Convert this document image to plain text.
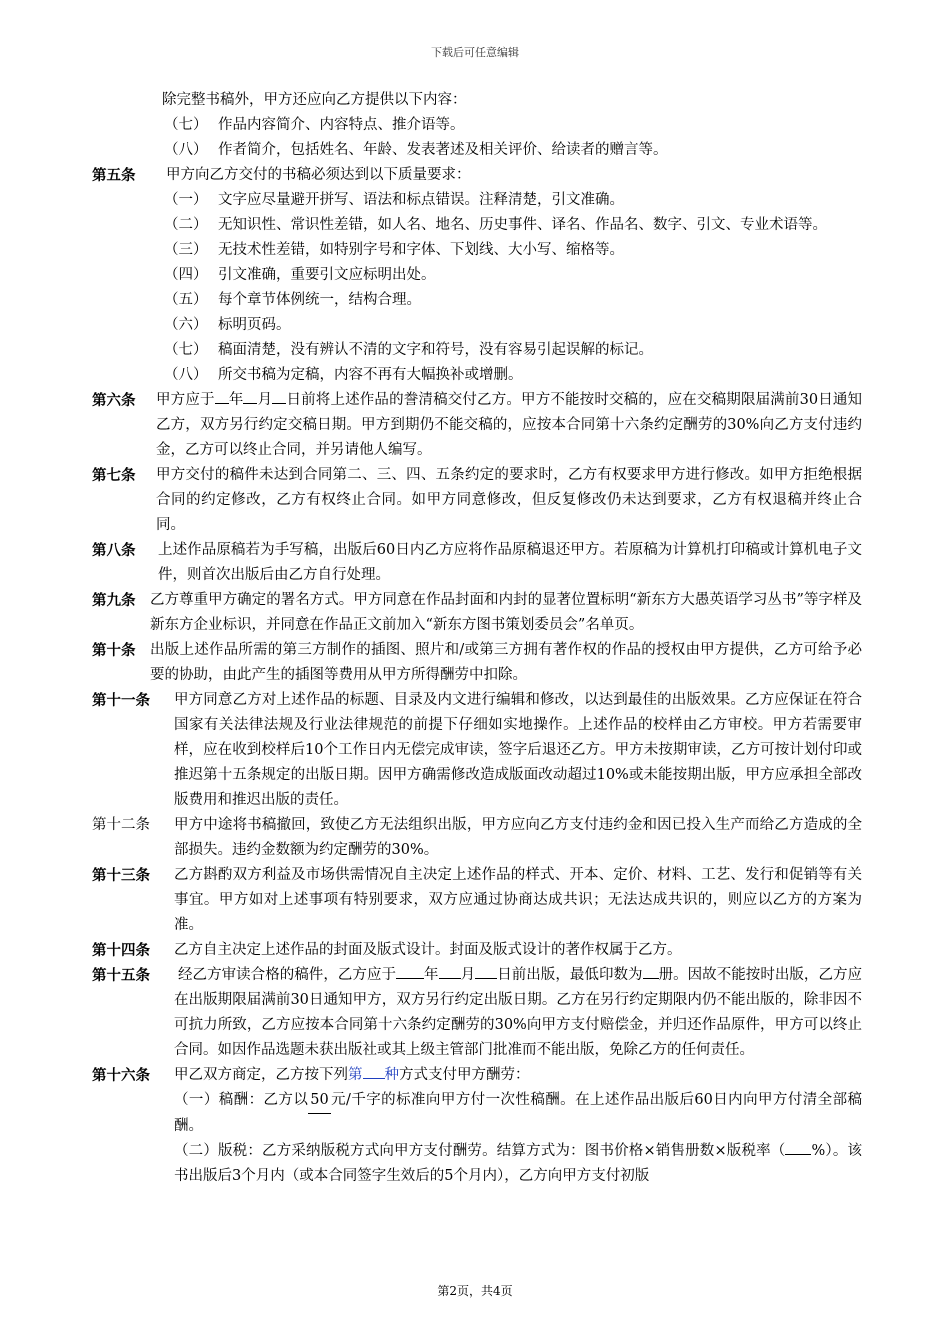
下载后可任意编辑
除完整书稿外，甲方还应向乙方提供以下内容：
（七） 作品内容简介、内容特点、推介语等。
（八） 作者简介，包括姓名、年龄、发表著述及相关评价、给读者的赠言等。
第五条	甲方向乙方交付的书稿必须达到以下质量要求：
（一） 文字应尽量避开拼写、语法和标点错误。注释清楚，引文准确。
（二） 无知识性、常识性差错，如人名、地名、历史事件、译名、作品名、数字、引文、专业术语等。
（三） 无技术性差错，如特别字号和字体、下划线、大小写、缩格等。
（四） 引文准确，重要引文应标明出处。
（五） 每个章节体例统一，结构合理。
（六） 标明页码。
（七） 稿面清楚，没有辨认不清的文字和符号，没有容易引起误解的标记。
（八） 所交书稿为定稿，内容不再有大幅换补或增删。
第六条	甲方应于 年 月 日前将上述作品的誊清稿交付乙方。甲方不能按时交稿的，应在交稿期限届满前30日通知乙方，双方另行约定交稿日期。甲方到期仍不能交稿的，应按本合同第十六条约定酬劳的30%向乙方支付违约金，乙方可以终止合同，并另请他人编写。
第七条	甲方交付的稿件未达到合同第二、三、四、五条约定的要求时，乙方有权要求甲方进行修改。如甲方拒绝根据合同的约定修改，乙方有权终止合同。如甲方同意修改，但反复修改仍未达到要求，乙方有权退稿并终止合同。
第八条	上述作品原稿若为手写稿，出版后60日内乙方应将作品原稿退还甲方。若原稿为计算机打印稿或计算机电子文件，则首次出版后由乙方自行处理。
第九条	乙方尊重甲方确定的署名方式。甲方同意在作品封面和内封的显著位置标明“新东方大愚英语学习丛书”等字样及新东方企业标识，并同意在作品正文前加入“新东方图书策划委员会”名单页。
第十条	出版上述作品所需的第三方制作的插图、照片和/或第三方拥有著作权的作品的授权由甲方提供，乙方可给予必要的协助，由此产生的插图等费用从甲方所得酬劳中扣除。
第十一条	甲方同意乙方对上述作品的标题、目录及内文进行编辑和修改，以达到最佳的出版效果。乙方应保证在符合国家有关法律法规及行业法律规范的前提下仔细如实地操作。上述作品的校样由乙方审校。甲方若需要审样，应在收到校样后10个工作日内无偿完成审读，签字后退还乙方。甲方未按期审读，乙方可按计划付印或推迟第十五条规定的出版日期。因甲方确需修改造成版面改动超过10%或未能按期出版，甲方应承担全部改版费用和推迟出版的责任。
第十二条	甲方中途将书稿撤回，致使乙方无法组织出版，甲方应向乙方支付违约金和因已投入生产而给乙方造成的全部损失。违约金数额为约定酬劳的30%。
第十三条	乙方斟酌双方利益及市场供需情况自主决定上述作品的样式、开本、定价、材料、工艺、发行和促销等有关事宜。甲方如对上述事项有特别要求，双方应通过协商达成共识；无法达成共识的，则应以乙方的方案为准。
第十四条	乙方自主决定上述作品的封面及版式设计。封面及版式设计的著作权属于乙方。
第十五条	经乙方审读合格的稿件，乙方应于 年 月 日前出版，最低印数为 册。因故不能按时出版，乙方应在出版期限届满前30日通知甲方，双方另行约定出版日期。乙方在另行约定期限内仍不能出版的，除非因不可抗力所致，乙方应按本合同第十六条约定酬劳的30%向甲方支付赔偿金，并归还作品原件，甲方可以终止合同。如因作品选题未获出版社或其上级主管部门批准而不能出版，免除乙方的任何责任。
第十六条	甲乙双方商定，乙方按下列第 种方式支付甲方酬劳：
（一）稿酬：乙方以 50 元/千字的标准向甲方付一次性稿酬。在上述作品出版后60日内向甲方付清全部稿酬。
（二）版税：乙方采纳版税方式向甲方支付酬劳。结算方式为：图书价格×销售册数×版税率（ %）。该书出版后3个月内（或本合同签字生效后的5个月内），乙方向甲方支付初版
第2页，共4页
